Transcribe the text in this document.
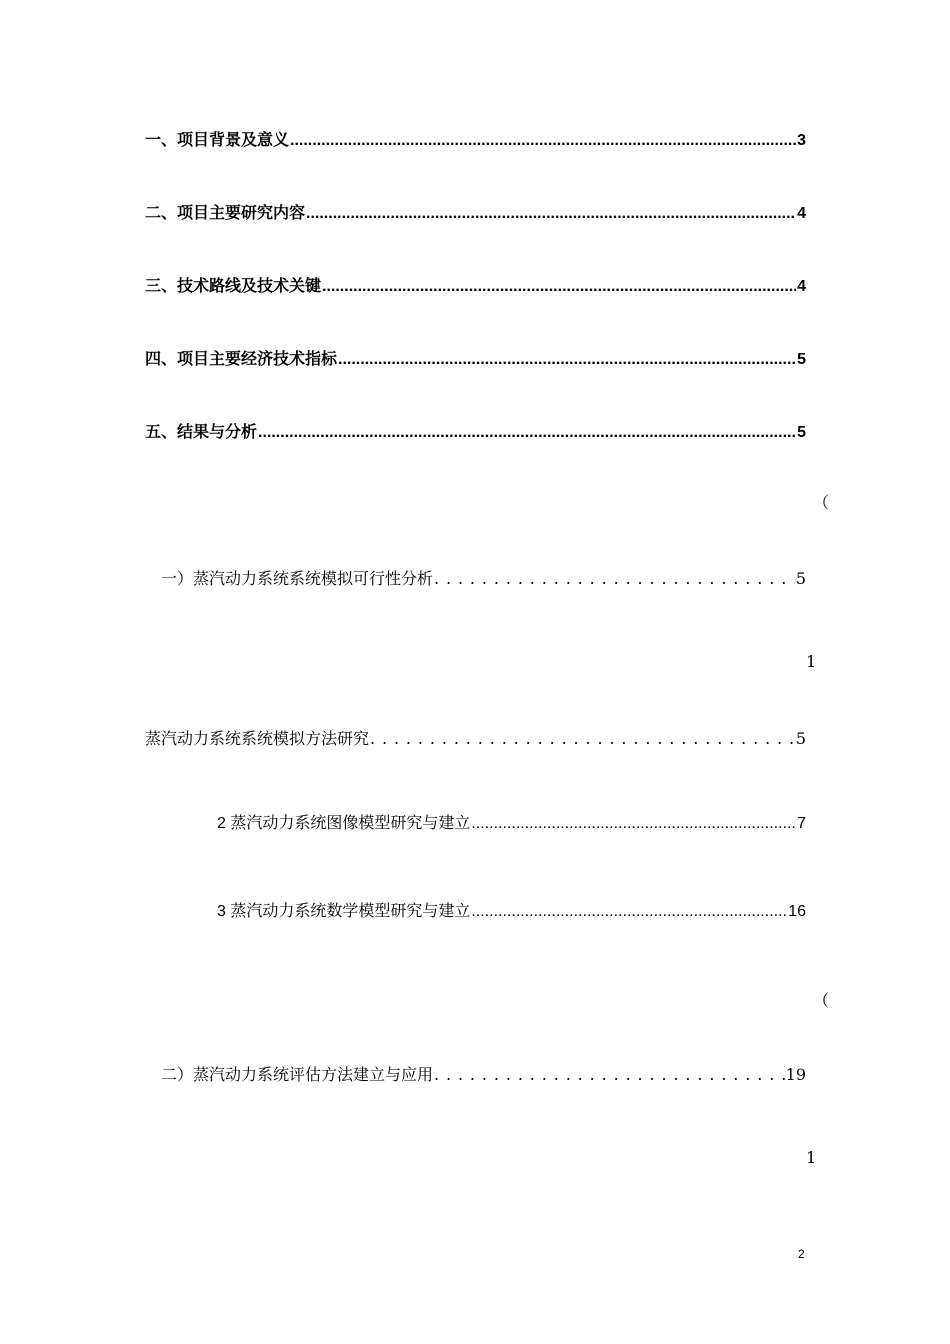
一、项目背景及意义 .....	3
二、项目主要研究内容 .....	4
三、技术路线及技术关键 .....	4
四、项目主要经济技术指标 .....	5
五、结果与分析 .....	5
（
一）蒸汽动力系统系统模拟可行性分析 . . .	5
1
蒸汽动力系统系统模拟方法研究 . . .	5
2 蒸汽动力系统图像模型研究与建立 .....	7
3 蒸汽动力系统数学模型研究与建立 .....	16
（
二）蒸汽动力系统评估方法建立与应用 . . .	19
1
2
